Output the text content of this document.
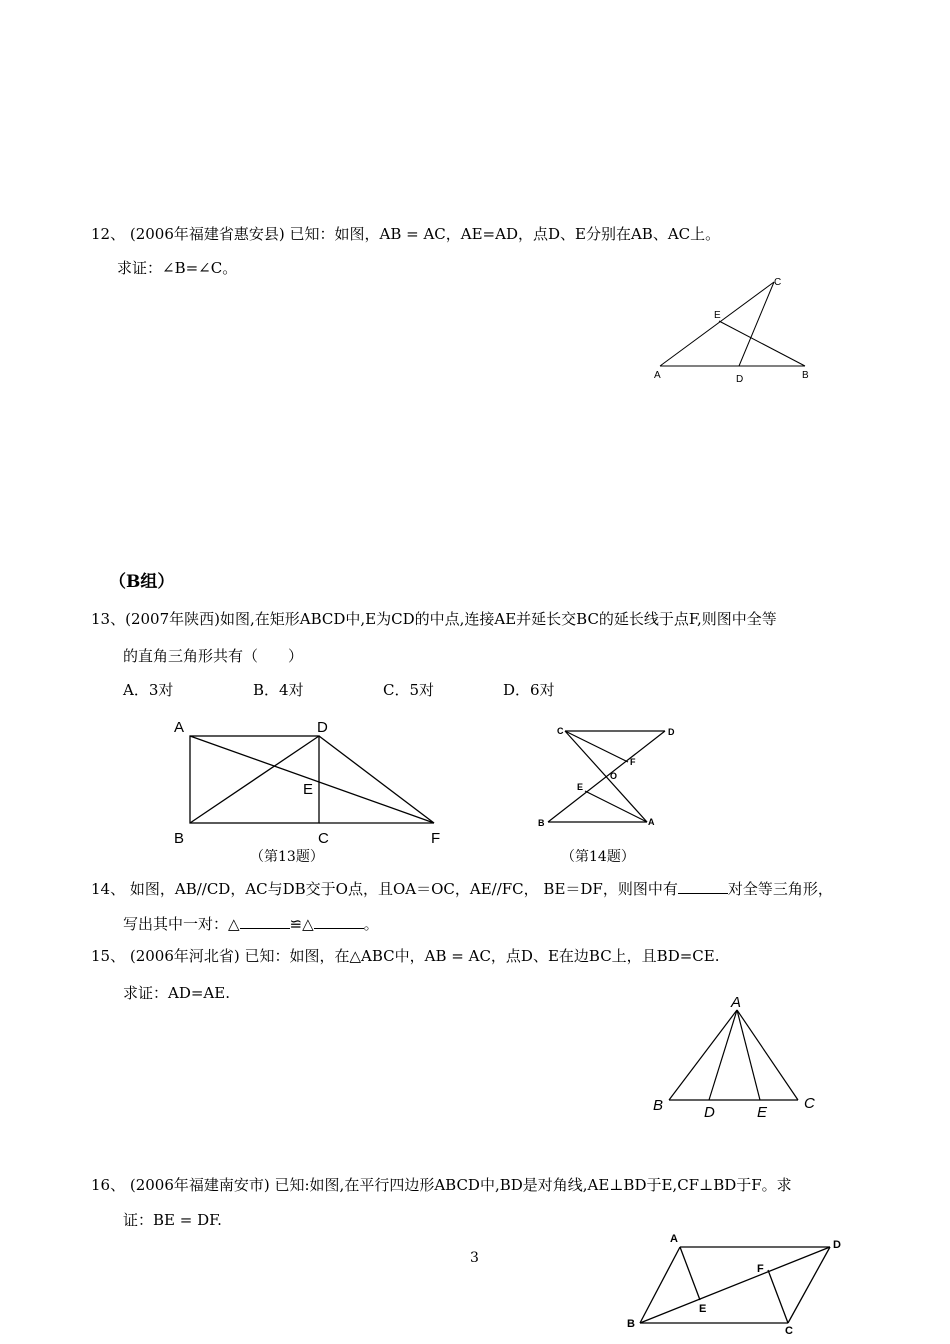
12、 (2006年福建省惠安县) 已知：如图，AB = AC，AE=AD，点D、E分别在AB、AC上。
求证：∠B=∠C。
A	B
C
D
E
（B组）
13、(2007年陕西)如图,在矩形ABCD中,E为CD的中点,连接AE并延长交BC的延长线于点F,则图中全等
的直角三角形共有（　　）
A．3对	B．4对	C．5对	D．6对
A
B	C
D
E
F
（第13题）
C	D
F
O
E
B	A
（第14题）
14、 如图，AB//CD，AC与DB交于O点，且OA＝OC，AE//FC， BE＝DF，则图中有	对全等三角形，
写出其中一对：△	≌△	。
15、 (2006年河北省) 已知：如图，在△ABC中，AB = AC，点D、E在边BC上，且BD=CE.
求证：AD=AE.
A
B	D	E
C
16、 (2006年福建南安市) 已知:如图,在平行四边形ABCD中,BD是对角线,AE⊥BD于E,CF⊥BD于F。求
证：BE = DF.
3
A	D
F
E
B
C
